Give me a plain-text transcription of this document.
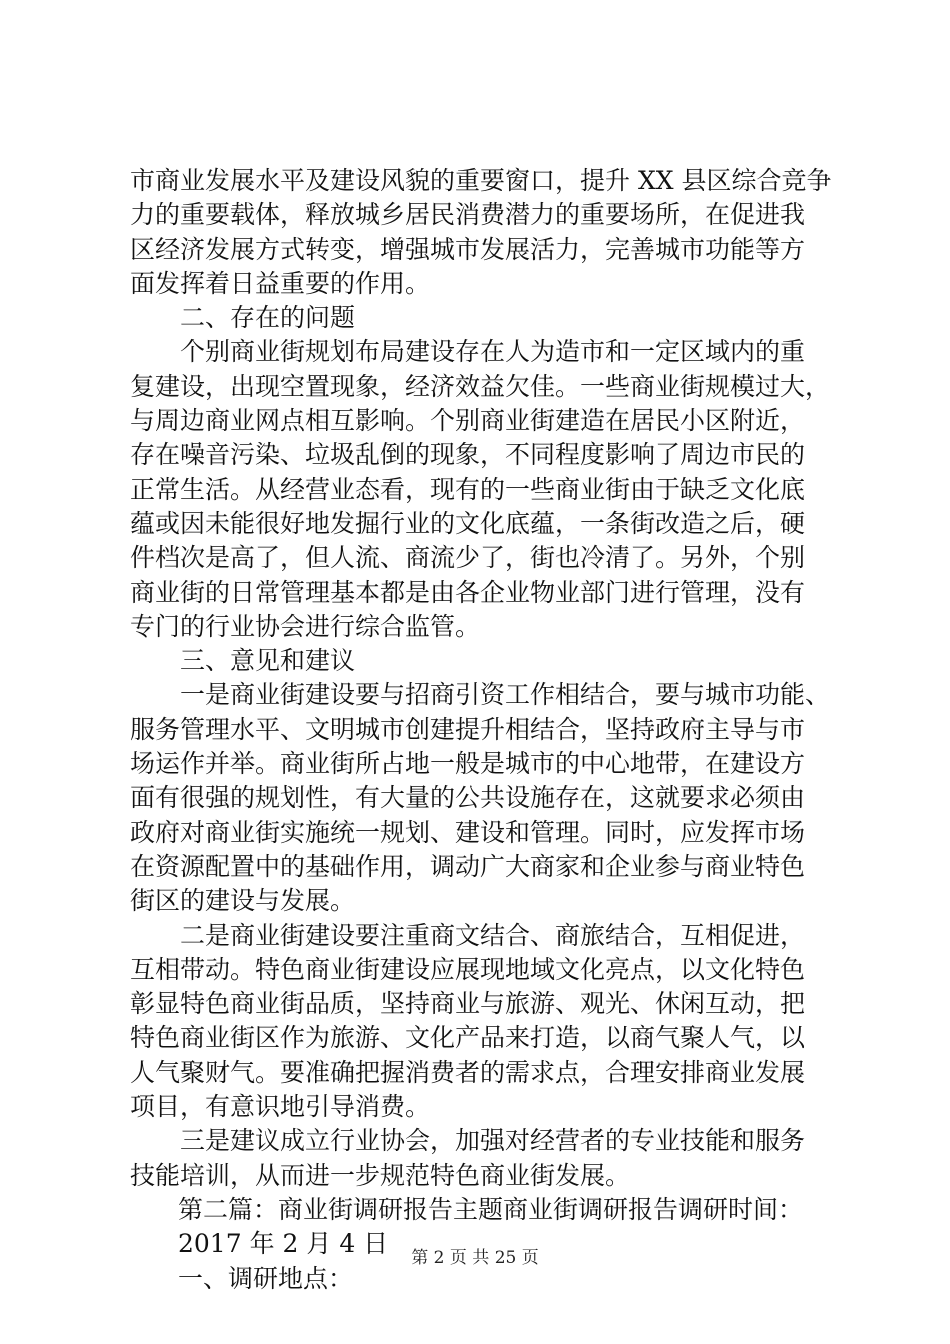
市商业发展水平及建设风貌的重要窗口，提升 XX 县区综合竞争
力的重要载体，释放城乡居民消费潜力的重要场所，在促进我
区经济发展方式转变，增强城市发展活力，完善城市功能等方
面发挥着日益重要的作用。
二、存在的问题
个别商业街规划布局建设存在人为造市和一定区域内的重
复建设，出现空置现象，经济效益欠佳。一些商业街规模过大，
与周边商业网点相互影响。个别商业街建造在居民小区附近，
存在噪音污染、垃圾乱倒的现象，不同程度影响了周边市民的
正常生活。从经营业态看，现有的一些商业街由于缺乏文化底
蕴或因未能很好地发掘行业的文化底蕴，一条街改造之后，硬
件档次是高了，但人流、商流少了，街也冷清了。另外，个别
商业街的日常管理基本都是由各企业物业部门进行管理，没有
专门的行业协会进行综合监管。
三、意见和建议
一是商业街建设要与招商引资工作相结合，要与城市功能、
服务管理水平、文明城市创建提升相结合，坚持政府主导与市
场运作并举。商业街所占地一般是城市的中心地带，在建设方
面有很强的规划性，有大量的公共设施存在，这就要求必须由
政府对商业街实施统一规划、建设和管理。同时，应发挥市场
在资源配置中的基础作用，调动广大商家和企业参与商业特色
街区的建设与发展。
二是商业街建设要注重商文结合、商旅结合，互相促进，
互相带动。特色商业街建设应展现地域文化亮点，以文化特色
彰显特色商业街品质，坚持商业与旅游、观光、休闲互动，把
特色商业街区作为旅游、文化产品来打造，以商气聚人气，以
人气聚财气。要准确把握消费者的需求点，合理安排商业发展
项目，有意识地引导消费。
三是建议成立行业协会，加强对经营者的专业技能和服务
技能培训，从而进一步规范特色商业街发展。
第二篇：商业街调研报告主题商业街调研报告调研时间：
2017 年 2 月 4 日
一、调研地点：
第 2 页 共 25 页
